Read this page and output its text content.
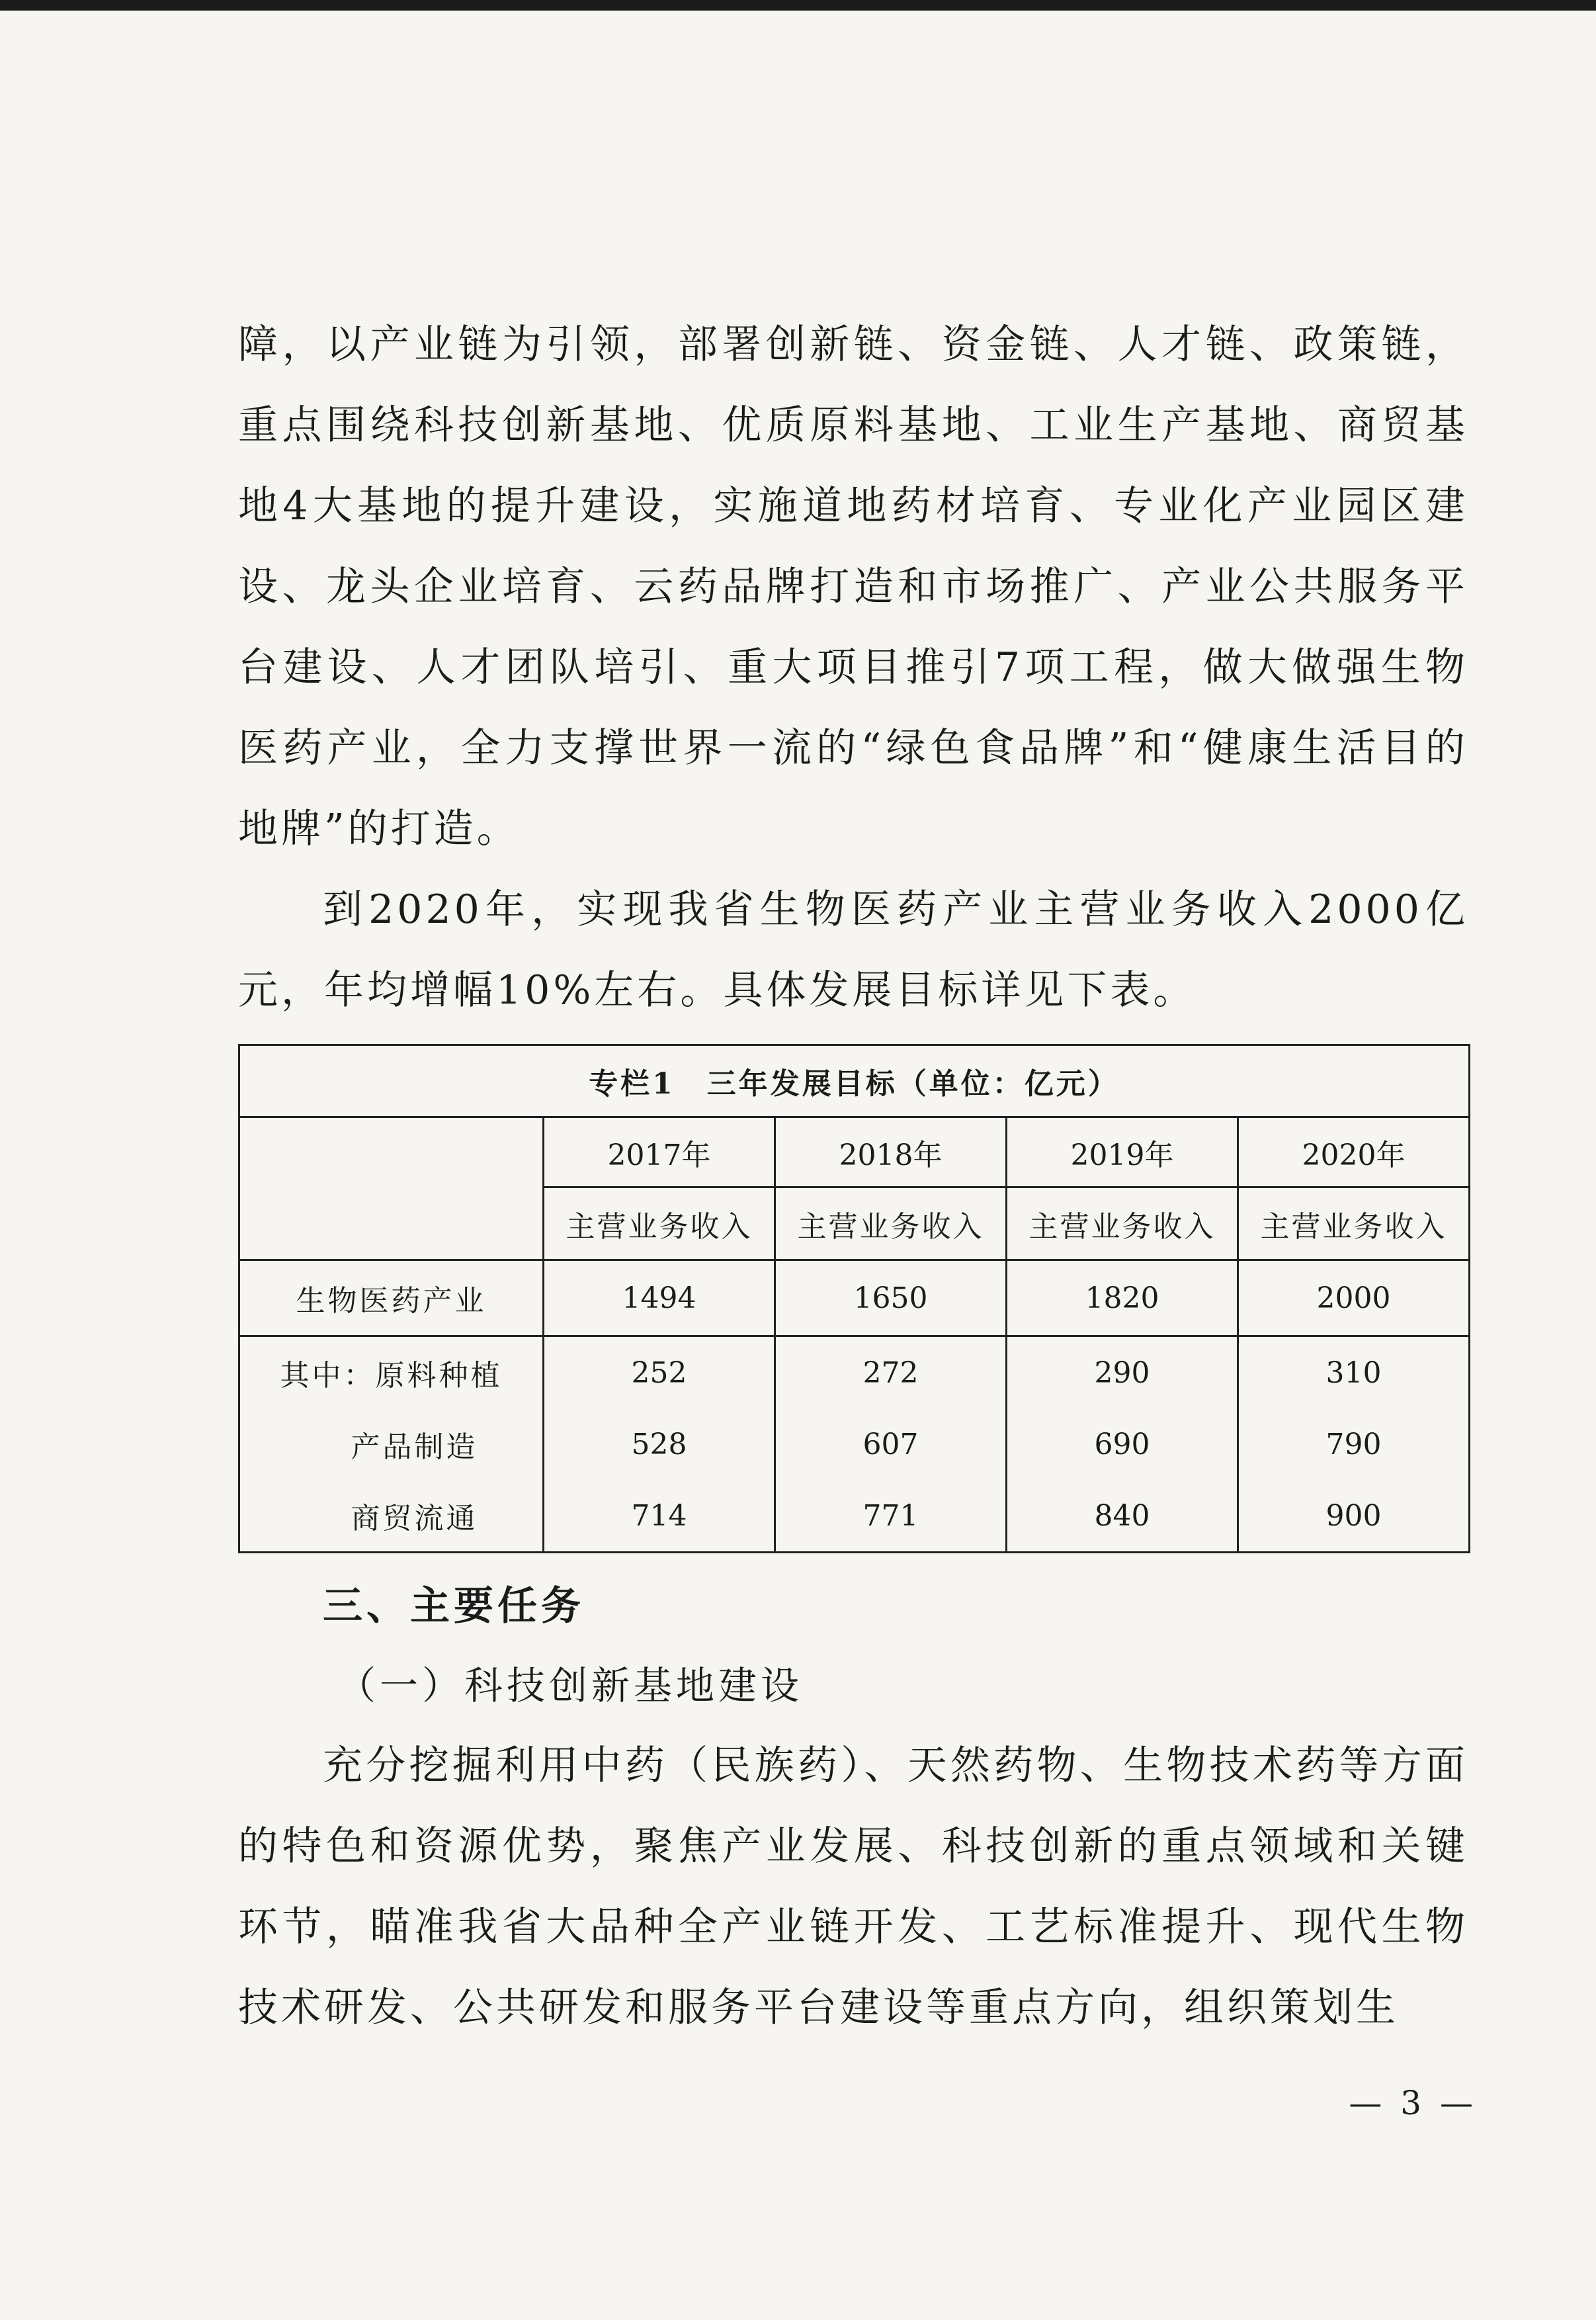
障，以产业链为引领，部署创新链、资金链、人才链、政策链，重点围绕科技创新基地、优质原料基地、工业生产基地、商贸基地4大基地的提升建设，实施道地药材培育、专业化产业园区建设、龙头企业培育、云药品牌打造和市场推广、产业公共服务平台建设、人才团队培引、重大项目推引7项工程，做大做强生物医药产业，全力支撑世界一流的“绿色食品牌”和“健康生活目的地牌”的打造。

到2020年，实现我省生物医药产业主营业务收入2000亿元，年均增幅10%左右。具体发展目标详见下表。

专栏1　三年发展目标（单位：亿元）				
	2017年	2018年	2019年	2020年
	主营业务收入	主营业务收入	主营业务收入	主营业务收入
生物医药产业	1494	1650	1820	2000
其中：原料种植	252	272	290	310
产品制造	528	607	690	790
商贸流通	714	771	840	900
三、主要任务
（一）科技创新基地建设

充分挖掘利用中药（民族药）、天然药物、生物技术药等方面的特色和资源优势，聚焦产业发展、科技创新的重点领域和关键环节，瞄准我省大品种全产业链开发、工艺标准提升、现代生物技术研发、公共研发和服务平台建设等重点方向，组织策划生

— 3 —
